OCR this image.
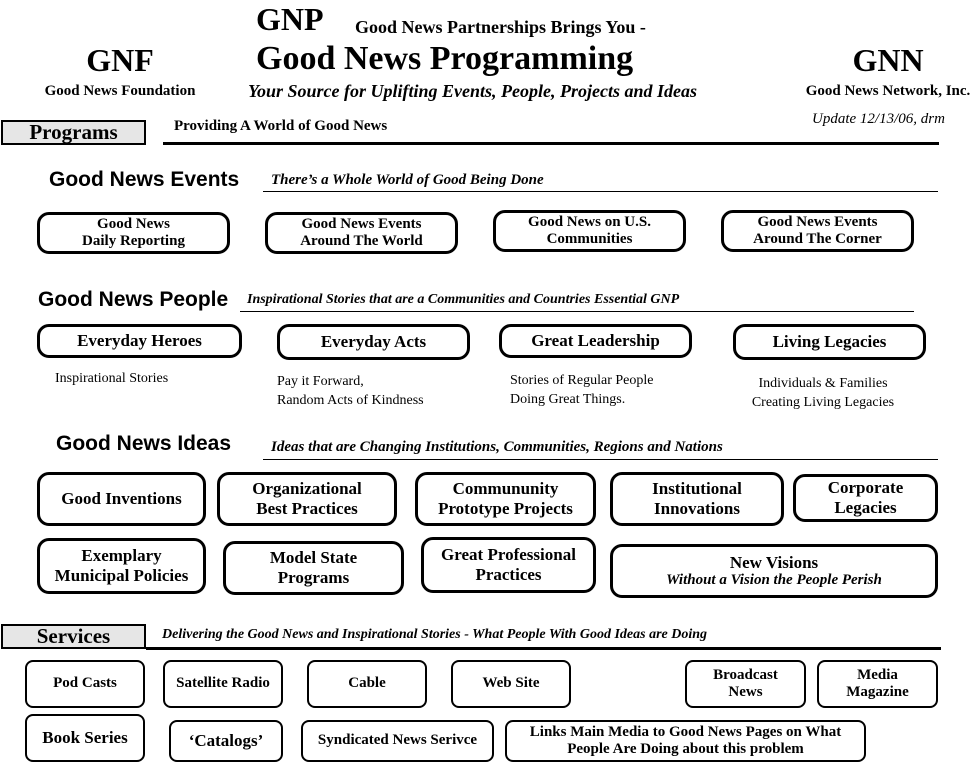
GNP Good News Partnerships Brings You -
Good News Programming
Your Source for Uplifting Events, People, Projects and Ideas
GNF
Good News Foundation
GNN
Good News Network, Inc.
Update 12/13/06, drm
Programs	Providing A World of Good News
Good News Events There’s a Whole World of Good Being Done
Good News
Daily Reporting
Good News Events
Around The World
Good News on U.S.
Communities
Good News Events
Around The Corner
Good News People Inspirational Stories that are a Communities and Countries Essential GNP
Everyday Heroes	Everyday Acts	Great Leadership	Living Legacies
Inspirational Stories	Pay it Forward,
Random Acts of Kindness
Stories of Regular People
Doing Great Things.
Individuals & Families
Creating Living Legacies
Good News Ideas	Ideas that are Changing Institutions, Communities, Regions and Nations
Good Inventions
Organizational
Best Practices
Commununity
Prototype Projects
Institutional
Innovations
Corporate
Legacies
Exemplary
Municipal Policies
Model State
Programs
Great Professional
Practices
New Visions
Without a Vision the People Perish
Services	Delivering the Good News and Inspirational Stories - What People With Good Ideas are Doing
Pod Casts	Satellite Radio	Cable	Web Site
Broadcast
News
Media
Magazine
Book Series	‘Catalogs’	Syndicated News Serivce
Links Main Media to Good News Pages on What
People Are Doing about this problem
